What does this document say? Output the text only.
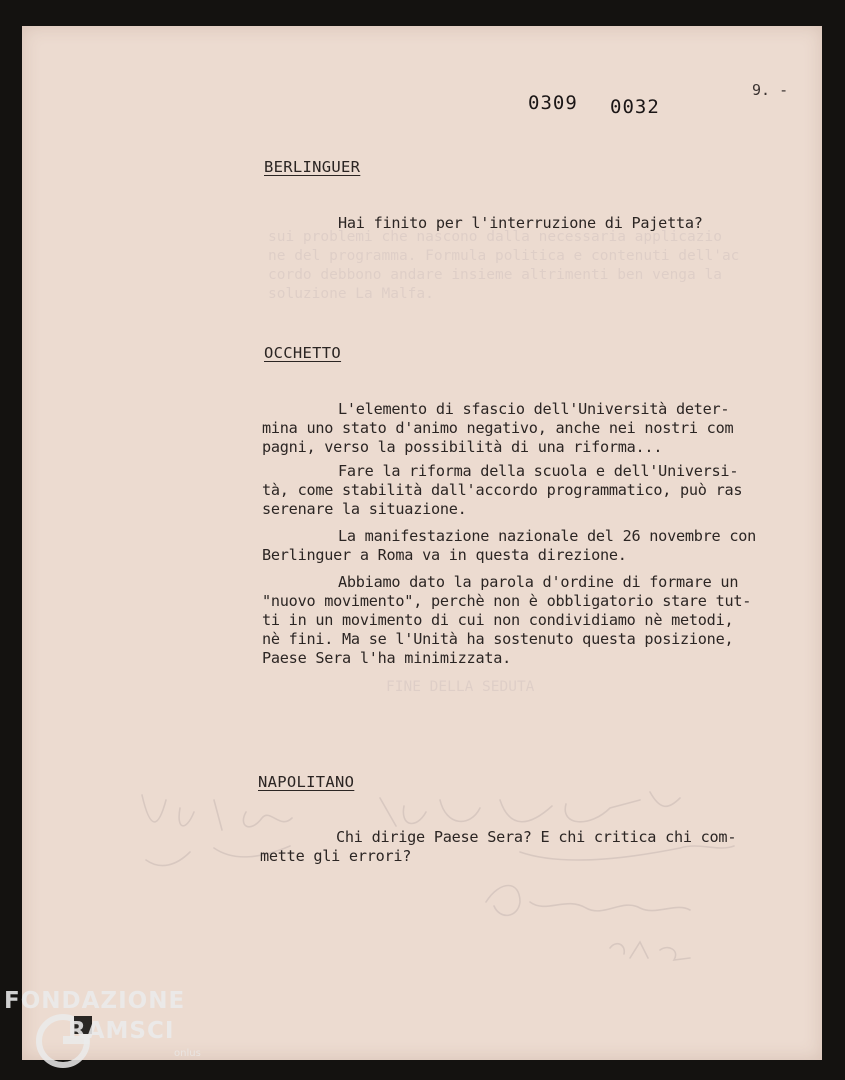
0309 0032
9. -
BERLINGUER
Hai finito per l'interruzione di Pajetta?
OCCHETTO
L'elemento di sfascio dell'Università deter-
mina uno stato d'animo negativo, anche nei nostri com
pagni, verso la possibilità di una riforma...
Fare la riforma della scuola e dell'Universi-
tà, come stabilità dall'accordo programmatico, può ras
serenare la situazione.
La manifestazione nazionale del 26 novembre con
Berlinguer a Roma va in questa direzione.
Abbiamo dato la parola d'ordine di formare un
"nuovo movimento", perchè non è obbligatorio stare tut-
ti in un movimento di cui non condividiamo nè metodi,
nè fini. Ma se l'Unità ha sostenuto questa posizione,
Paese Sera l'ha minimizzata.
NAPOLITANO
Chi dirige Paese Sera? E chi critica chi com-
mette gli errori?
FONDAZIONE
RAMSCI
onlus
